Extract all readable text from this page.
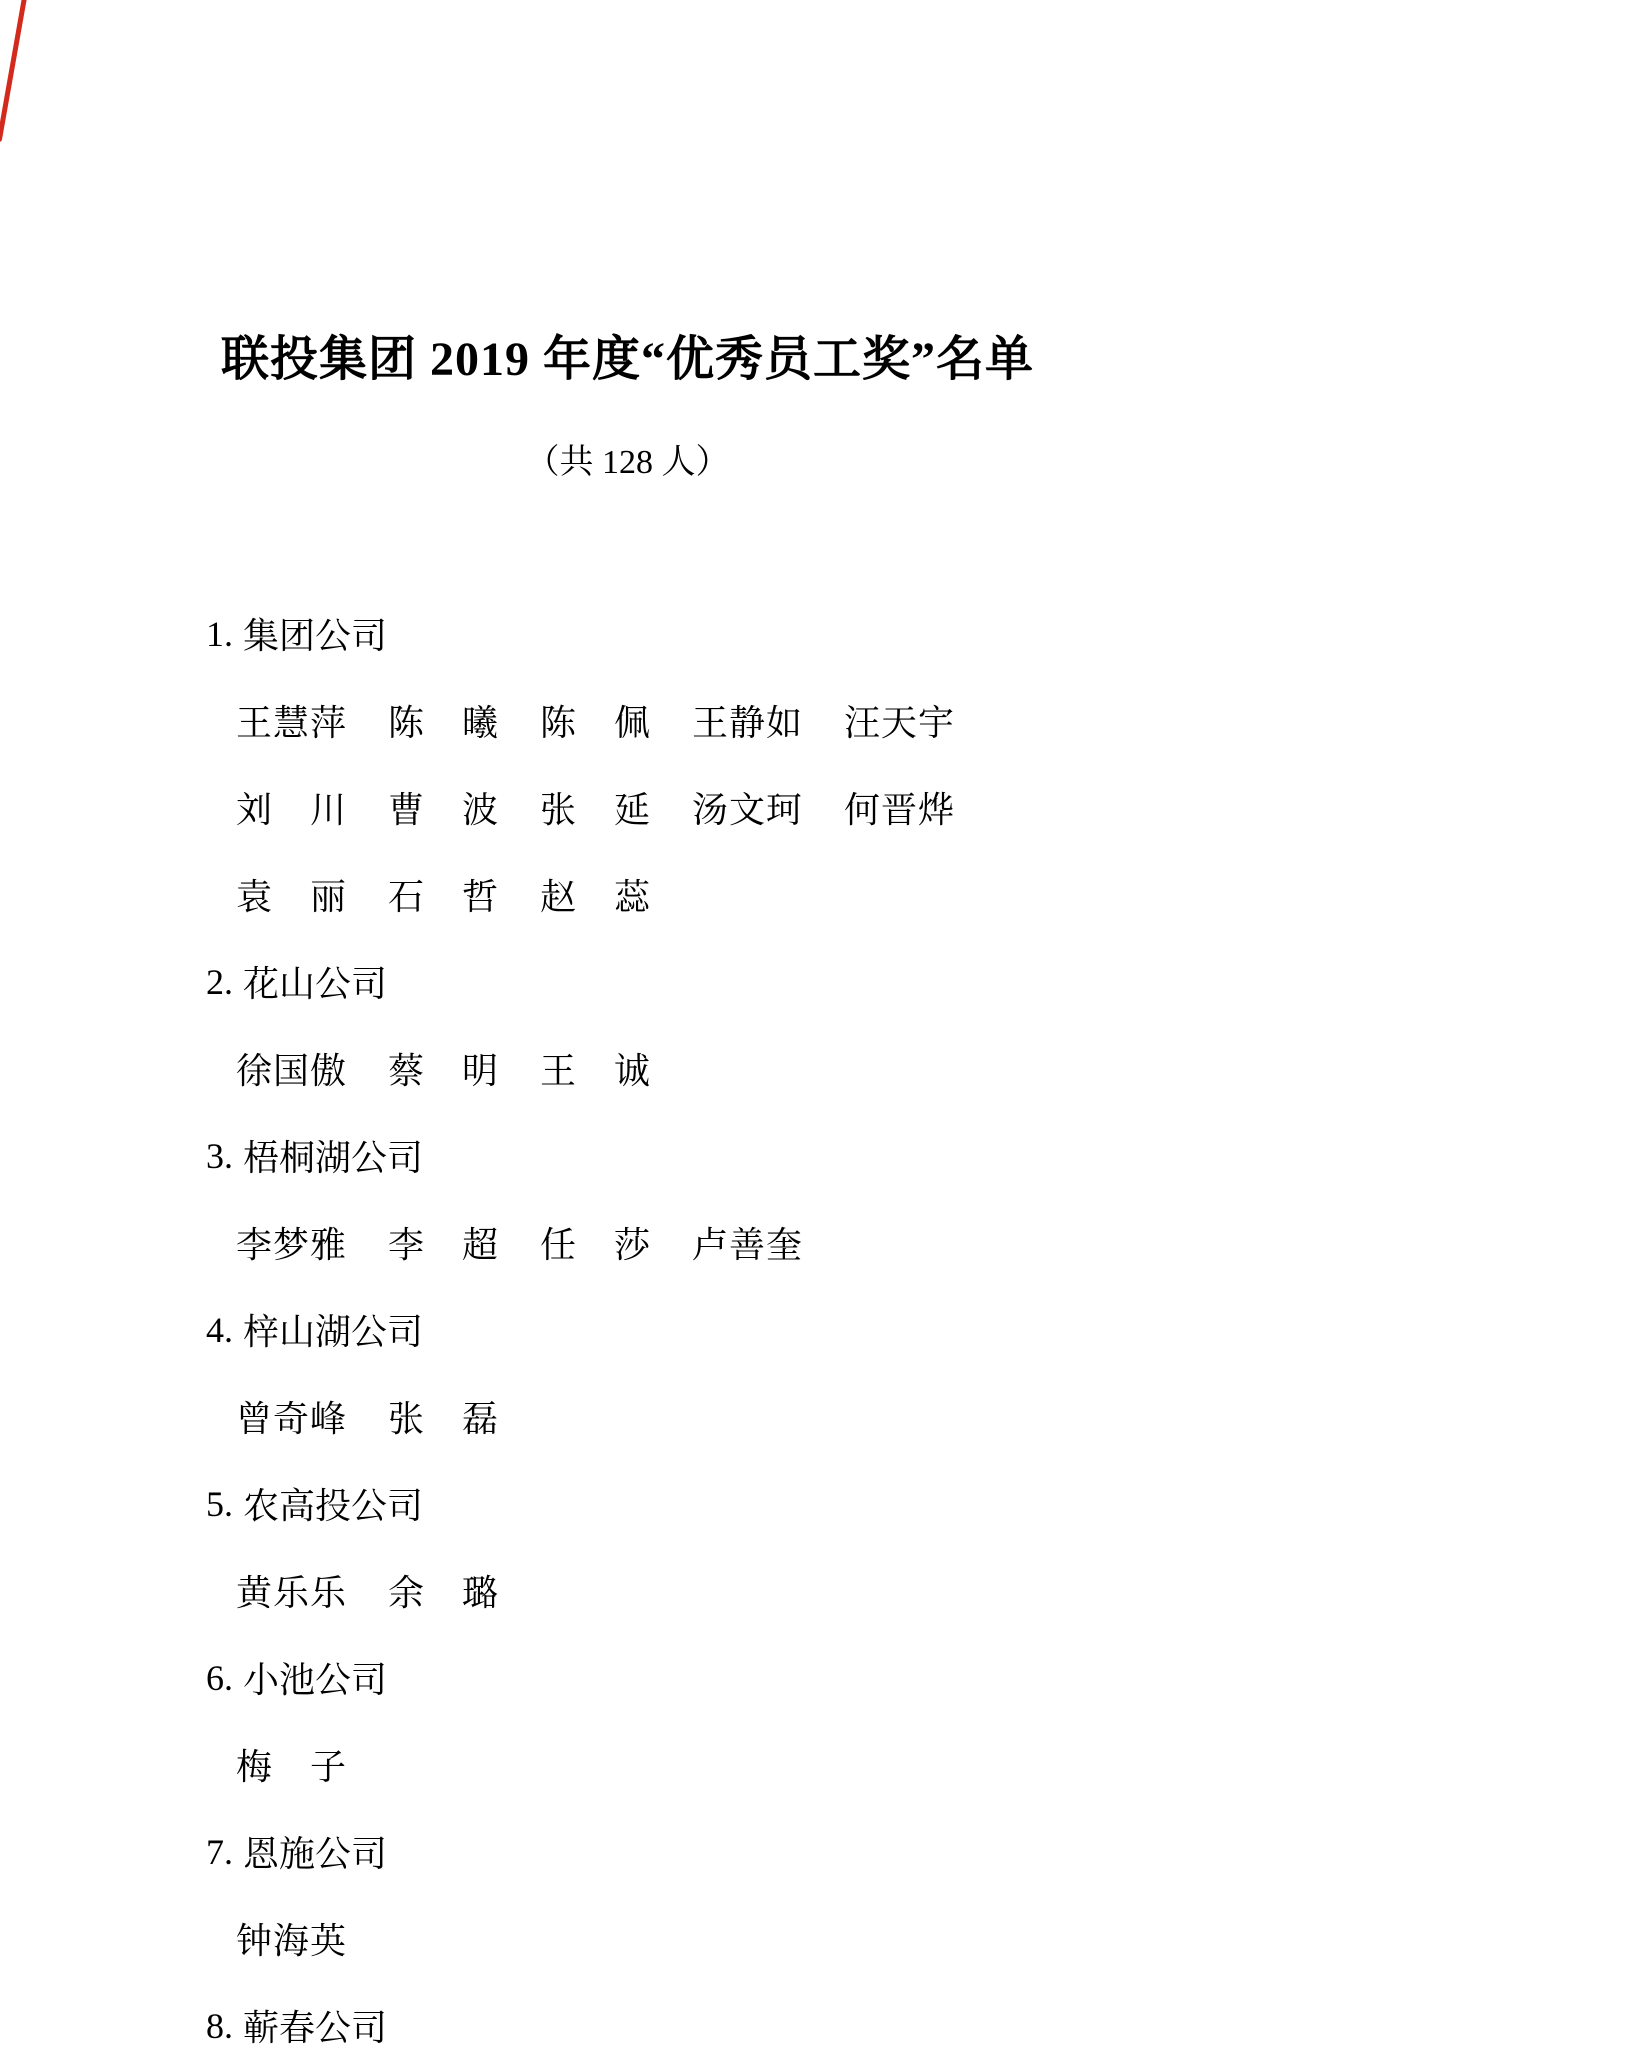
联投集团 2019 年度“优秀员工奖”名单
（共 128 人）
1. 集团公司
王 慧 萍 陈 曦 陈 佩 王 静 如 汪 天 宇
刘 川 曹 波 张 延 汤 文 珂 何 晋 烨
袁 丽 石 哲 赵 蕊
2. 花山公司
徐 国 傲 蔡 明 王 诚
3. 梧桐湖公司
李 梦 雅 李 超 任 莎 卢 善 奎
4. 梓山湖公司
曾 奇 峰 张 磊
5. 农高投公司
黄 乐 乐 余 璐
6. 小池公司
梅 子
7. 恩施公司
钟 海 英
8. 蕲春公司
